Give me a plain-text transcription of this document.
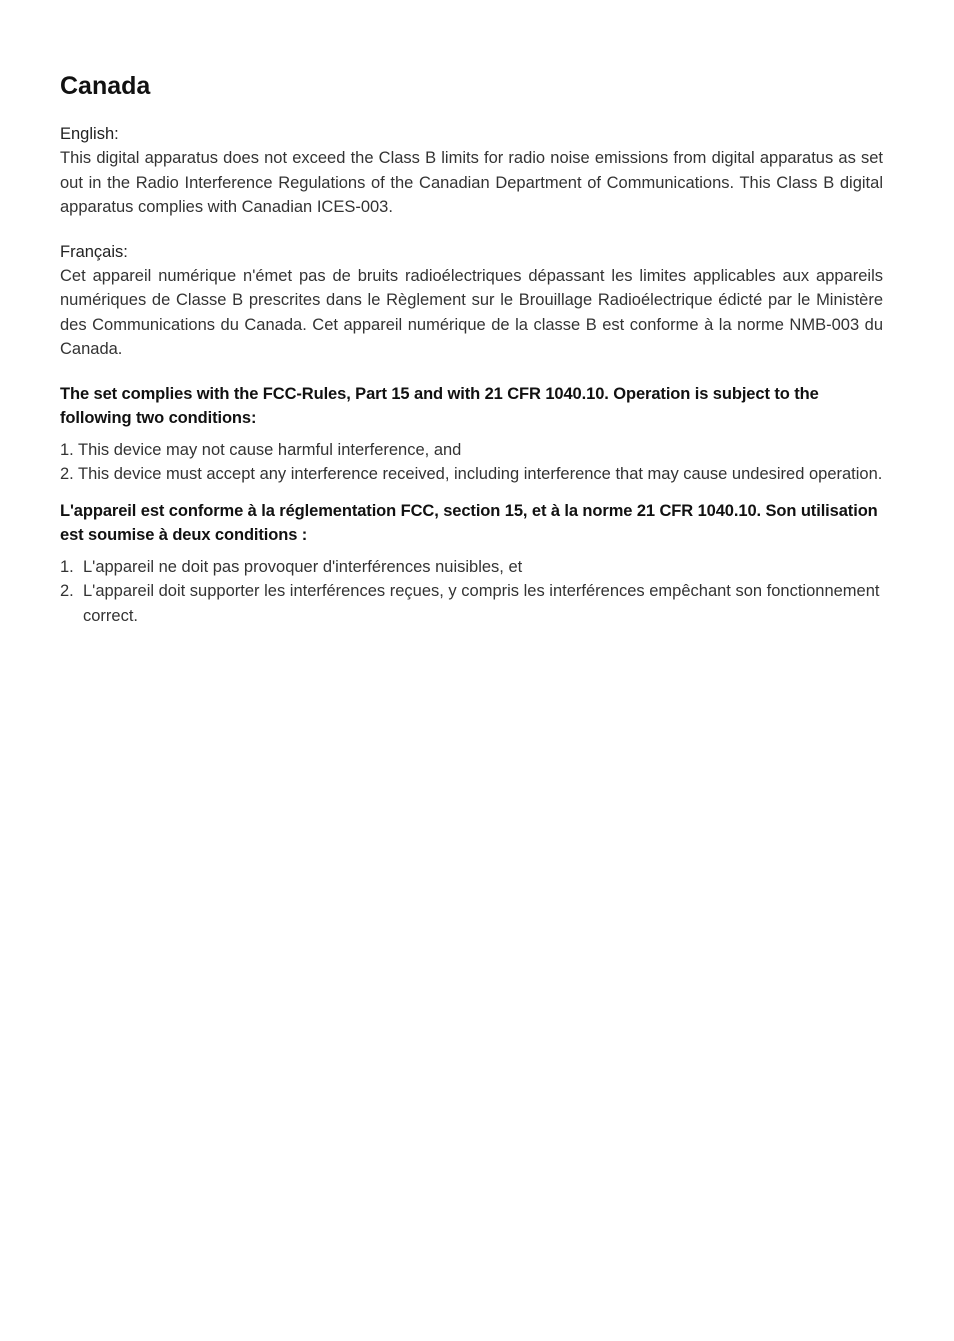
Canada

English:

This digital apparatus does not exceed the Class B limits for radio noise emissions from digital apparatus as set out in the Radio Interference Regulations of the Canadian Department of Communications. This Class B digital apparatus complies with Canadian ICES-003.

Français:

Cet appareil numérique n'émet pas de bruits radioélectriques dépassant les limites applicables aux appareils numériques de Classe B prescrites dans le Règlement sur le Brouillage Radioélectrique édicté par le Ministère des Communications du Canada. Cet appareil numérique de la classe B est conforme à la norme NMB-003 du Canada.

The set complies with the FCC-Rules, Part 15 and with 21 CFR 1040.10. Operation is subject to the following two conditions:

1. This device may not cause harmful interference, and
2. This device must accept any interference received, including interference that may cause undesired operation.

L'appareil est conforme à la réglementation FCC, section 15, et à la norme 21 CFR 1040.10. Son utilisation est soumise à deux conditions :

1. L'appareil ne doit pas provoquer d'interférences nuisibles, et
2. L'appareil doit supporter les interférences reçues, y compris les interférences empêchant son fonctionnement correct.
